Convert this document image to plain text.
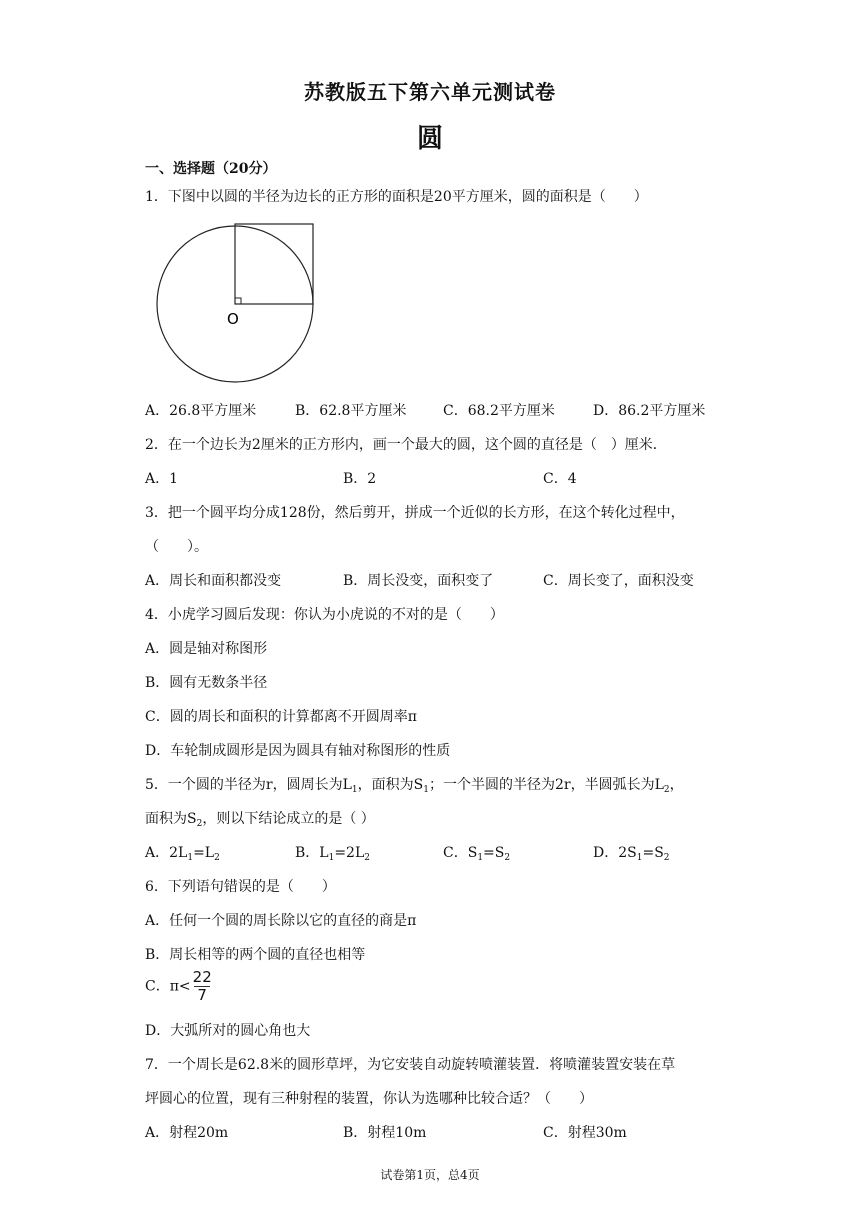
苏教版五下第六单元测试卷
圆
一、选择题（20分）
1．下图中以圆的半径为边长的正方形的面积是20平方厘米，圆的面积是（　　）
O
A．26.8平方厘米	B．62.8平方厘米	C．68.2平方厘米	D．86.2平方厘米
2．在一个边长为2厘米的正方形内，画一个最大的圆，这个圆的直径是（　）厘米．
A．1	B．2	C．4
3．把一个圆平均分成128份，然后剪开，拼成一个近似的长方形，在这个转化过程中，
（　　）。
A．周长和面积都没变	B．周长没变，面积变了	C．周长变了，面积没变
4．小虎学习圆后发现：你认为小虎说的不对的是（　　）
A．圆是轴对称图形
B．圆有无数条半径
C．圆的周长和面积的计算都离不开圆周率π
D．车轮制成圆形是因为圆具有轴对称图形的性质
5．一个圆的半径为r，圆周长为$L_1$，面积为$S_1$；一个半圆的半径为2r，半圆弧长为$L_2$，
面积为$S_2$，则以下结论成立的是（ ）
A．$2L_1=L_2$	B．$L_1=2L_2$	C．$S_1=S_2$	D．$2S_1=S_2$
6．下列语句错误的是（　　）
A．任何一个圆的周长除以它的直径的商是π
B．周长相等的两个圆的直径也相等
C．$\pi< \frac{22}{7}$
D．大弧所对的圆心角也大
7．一个周长是62.8米的圆形草坪，为它安装自动旋转喷灌装置．将喷灌装置安装在草
坪圆心的位置，现有三种射程的装置，你认为选哪种比较合适？（　　）
A．射程20m	B．射程10m	C．射程30m
试卷第1页，总4页
